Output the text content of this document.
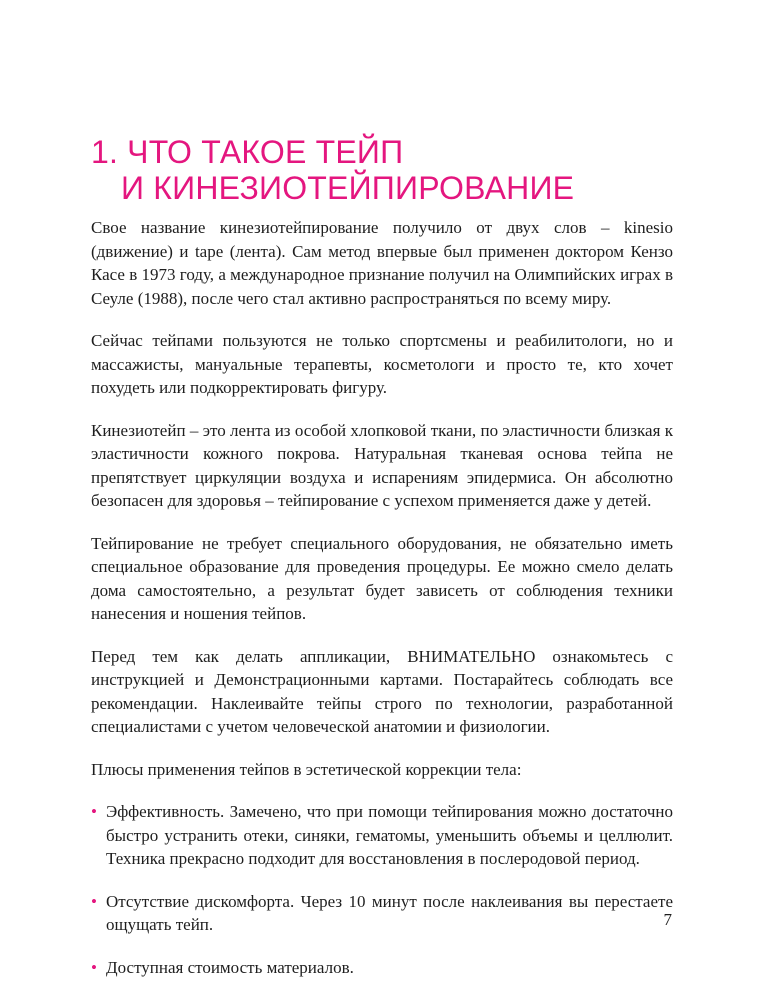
1. ЧТО ТАКОЕ ТЕЙП
И КИНЕЗИОТЕЙПИРОВАНИЕ

Свое название кинезиотейпирование получило от двух слов – kinesio (движение) и tape (лента). Сам метод впервые был применен доктором Кензо Касе в 1973 году, а международное признание получил на Олимпийских играх в Сеуле (1988), после чего стал активно распространяться по всему миру.

Сейчас тейпами пользуются не только спортсмены и реабилитологи, но и массажисты, мануальные терапевты, косметологи и просто те, кто хочет похудеть или подкорректировать фигуру.

Кинезиотейп – это лента из особой хлопковой ткани, по эластичности близкая к эластичности кожного покрова. Натуральная тканевая основа тейпа не препятствует циркуляции воздуха и испарениям эпидермиса. Он абсолютно безопасен для здоровья – тейпирование с успехом применяется даже у детей.

Тейпирование не требует специального оборудования, не обязательно иметь специальное образование для проведения процедуры. Ее можно смело делать дома самостоятельно, а результат будет зависеть от соблюдения техники нанесения и ношения тейпов.

Перед тем как делать аппликации, ВНИМАТЕЛЬНО ознакомьтесь с инструкцией и Демонстрационными картами. Постарайтесь соблюдать все рекомендации. Наклеивайте тейпы строго по технологии, разработанной специалистами с учетом человеческой анатомии и физиологии.

Плюсы применения тейпов в эстетической коррекции тела:

• Эффективность. Замечено, что при помощи тейпирования можно достаточно быстро устранить отеки, синяки, гематомы, уменьшить объемы и целлюлит. Техника прекрасно подходит для восстановления в послеродовой период.
• Отсутствие дискомфорта. Через 10 минут после наклеивания вы перестаете ощущать тейп.
• Доступная стоимость материалов.
7
